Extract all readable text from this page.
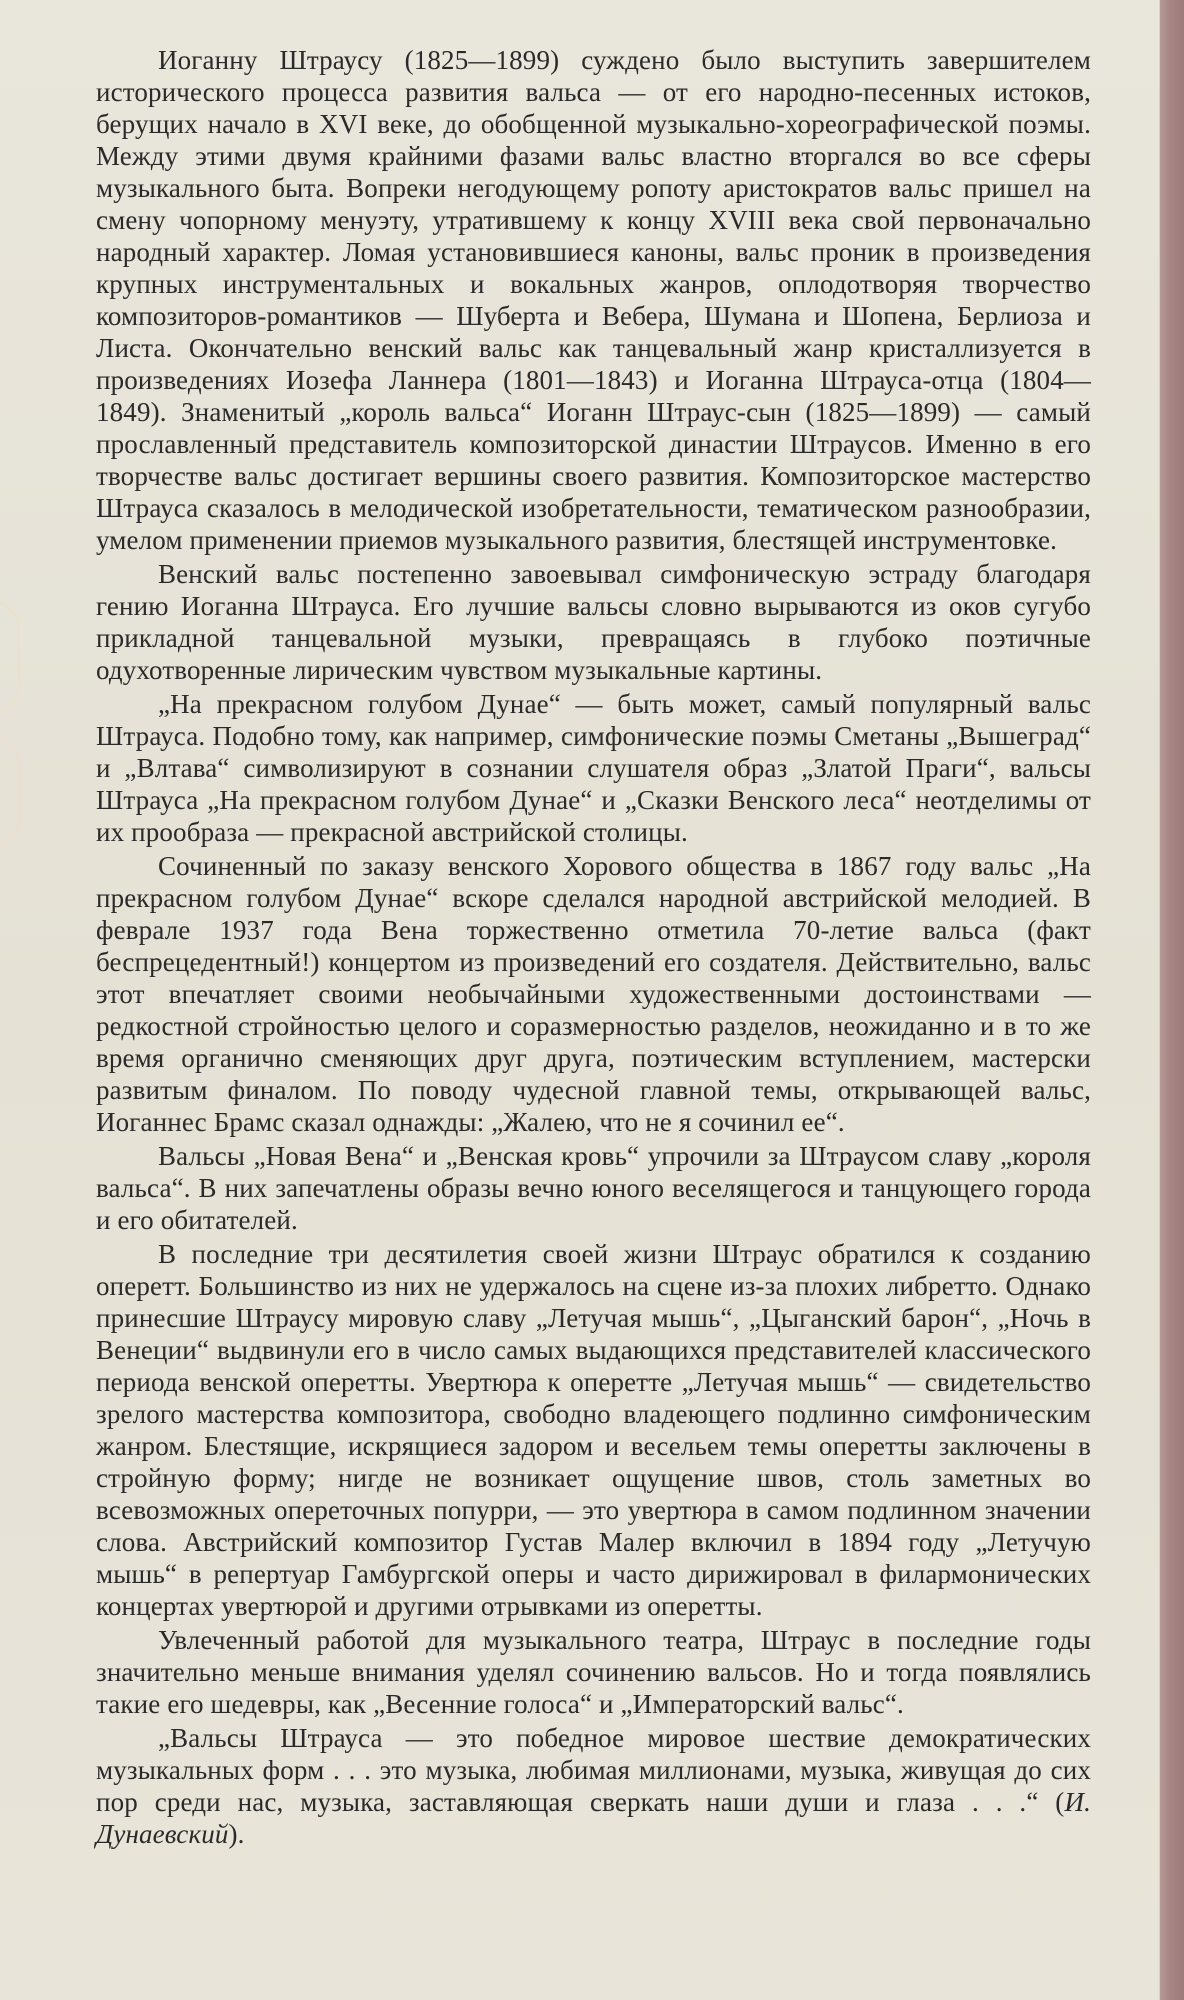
Иоганну Штраусу (1825—1899) суждено было выступить завершителем исторического процесса развития вальса — от его народно-песенных истоков, берущих начало в XVI веке, до обобщенной музыкально-хореографической поэмы. Между этими двумя крайними фазами вальс властно вторгался во все сферы музыкального быта. Вопреки негодующему ропоту аристократов вальс пришел на смену чопорному менуэту, утратившему к концу XVIII века свой первоначально народный характер. Ломая установившиеся каноны, вальс проник в произведения крупных инструментальных и вокальных жанров, оплодотворяя творчество композиторов-романтиков — Шуберта и Вебера, Шумана и Шопена, Берлиоза и Листа. Окончательно венский вальс как танцевальный жанр кристаллизуется в произведениях Иозефа Ланнера (1801—1843) и Иоганна Штрауса-отца (1804—1849). Знаменитый „король вальса“ Иоганн Штраус-сын (1825—1899) — самый прославленный представитель композиторской династии Штраусов. Именно в его творчестве вальс достигает вершины своего развития. Композиторское мастерство Штрауса сказалось в мелодической изобретательности, тематическом разнообразии, умелом применении приемов музыкального развития, блестящей инструментовке.

Венский вальс постепенно завоевывал симфоническую эстраду благодаря гению Иоганна Штрауса. Его лучшие вальсы словно вырываются из оков сугубо прикладной танцевальной музыки, превращаясь в глубоко поэтичные одухотворенные лирическим чувством музыкальные картины.

„На прекрасном голубом Дунае“ — быть может, самый популярный вальс Штрауса. Подобно тому, как например, симфонические поэмы Сметаны „Вышеград“ и „Влтава“ символизируют в сознании слушателя образ „Златой Праги“, вальсы Штрауса „На прекрасном голубом Дунае“ и „Сказки Венского леса“ неотделимы от их прообраза — прекрасной австрийской столицы.

Сочиненный по заказу венского Хорового общества в 1867 году вальс „На прекрасном голубом Дунае“ вскоре сделался народной австрийской мелодией. В феврале 1937 года Вена торжественно отметила 70-летие вальса (факт беспрецедентный!) концертом из произведений его создателя. Действительно, вальс этот впечатляет своими необычайными художественными достоинствами — редкостной стройностью целого и соразмерностью разделов, неожиданно и в то же время органично сменяющих друг друга, поэтическим вступлением, мастерски развитым финалом. По поводу чудесной главной темы, открывающей вальс, Иоганнес Брамс сказал однажды: „Жалею, что не я сочинил ее“.

Вальсы „Новая Вена“ и „Венская кровь“ упрочили за Штраусом славу „короля вальса“. В них запечатлены образы вечно юного веселящегося и танцующего города и его обитателей.

В последние три десятилетия своей жизни Штраус обратился к созданию оперетт. Большинство из них не удержалось на сцене из-за плохих либретто. Однако принесшие Штраусу мировую славу „Летучая мышь“, „Цыганский барон“, „Ночь в Венеции“ выдвинули его в число самых выдающихся представителей классического периода венской оперетты. Увертюра к оперетте „Летучая мышь“ — свидетельство зрелого мастерства композитора, свободно владеющего подлинно симфоническим жанром. Блестящие, искрящиеся задором и весельем темы оперетты заключены в стройную форму; нигде не возникает ощущение швов, столь заметных во всевозможных опереточных попурри, — это увертюра в самом подлинном значении слова. Австрийский композитор Густав Малер включил в 1894 году „Летучую мышь“ в репертуар Гамбургской оперы и часто дирижировал в филармонических концертах увертюрой и другими отрывками из оперетты.

Увлеченный работой для музыкального театра, Штраус в последние годы значительно меньше внимания уделял сочинению вальсов. Но и тогда появлялись такие его шедевры, как „Весенние голоса“ и „Императорский вальс“.

„Вальсы Штрауса — это победное мировое шествие демократических музыкальных форм . . . это музыка, любимая миллионами, музыка, живущая до сих пор среди нас, музыка, заставляющая сверкать наши души и глаза . . .“ (И. Дунаевский).
